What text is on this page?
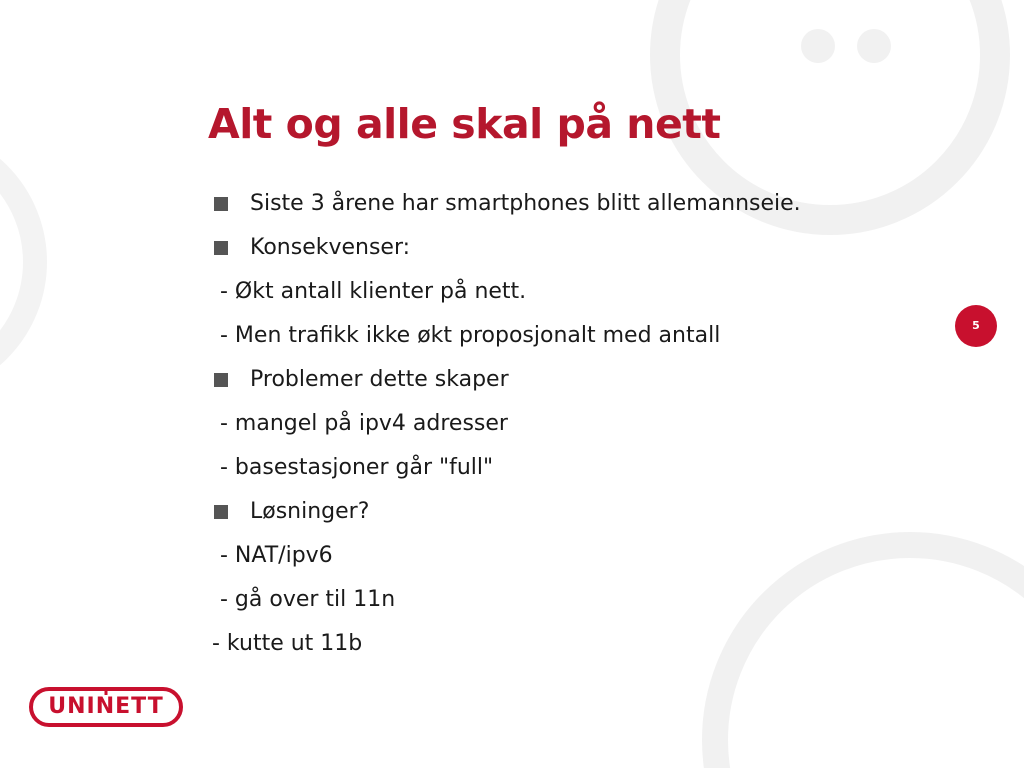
Alt og alle skal på nett
Siste 3 årene har smartphones blitt allemannseie.
Konsekvenser:
- Økt antall klienter på nett.
- Men trafikk ikke økt proposjonalt med antall
Problemer dette skaper
- mangel på ipv4 adresser
- basestasjoner går "full"
Løsninger?
- NAT/ipv6
- gå over til 11n
- kutte ut 11b
5
UNINETT
